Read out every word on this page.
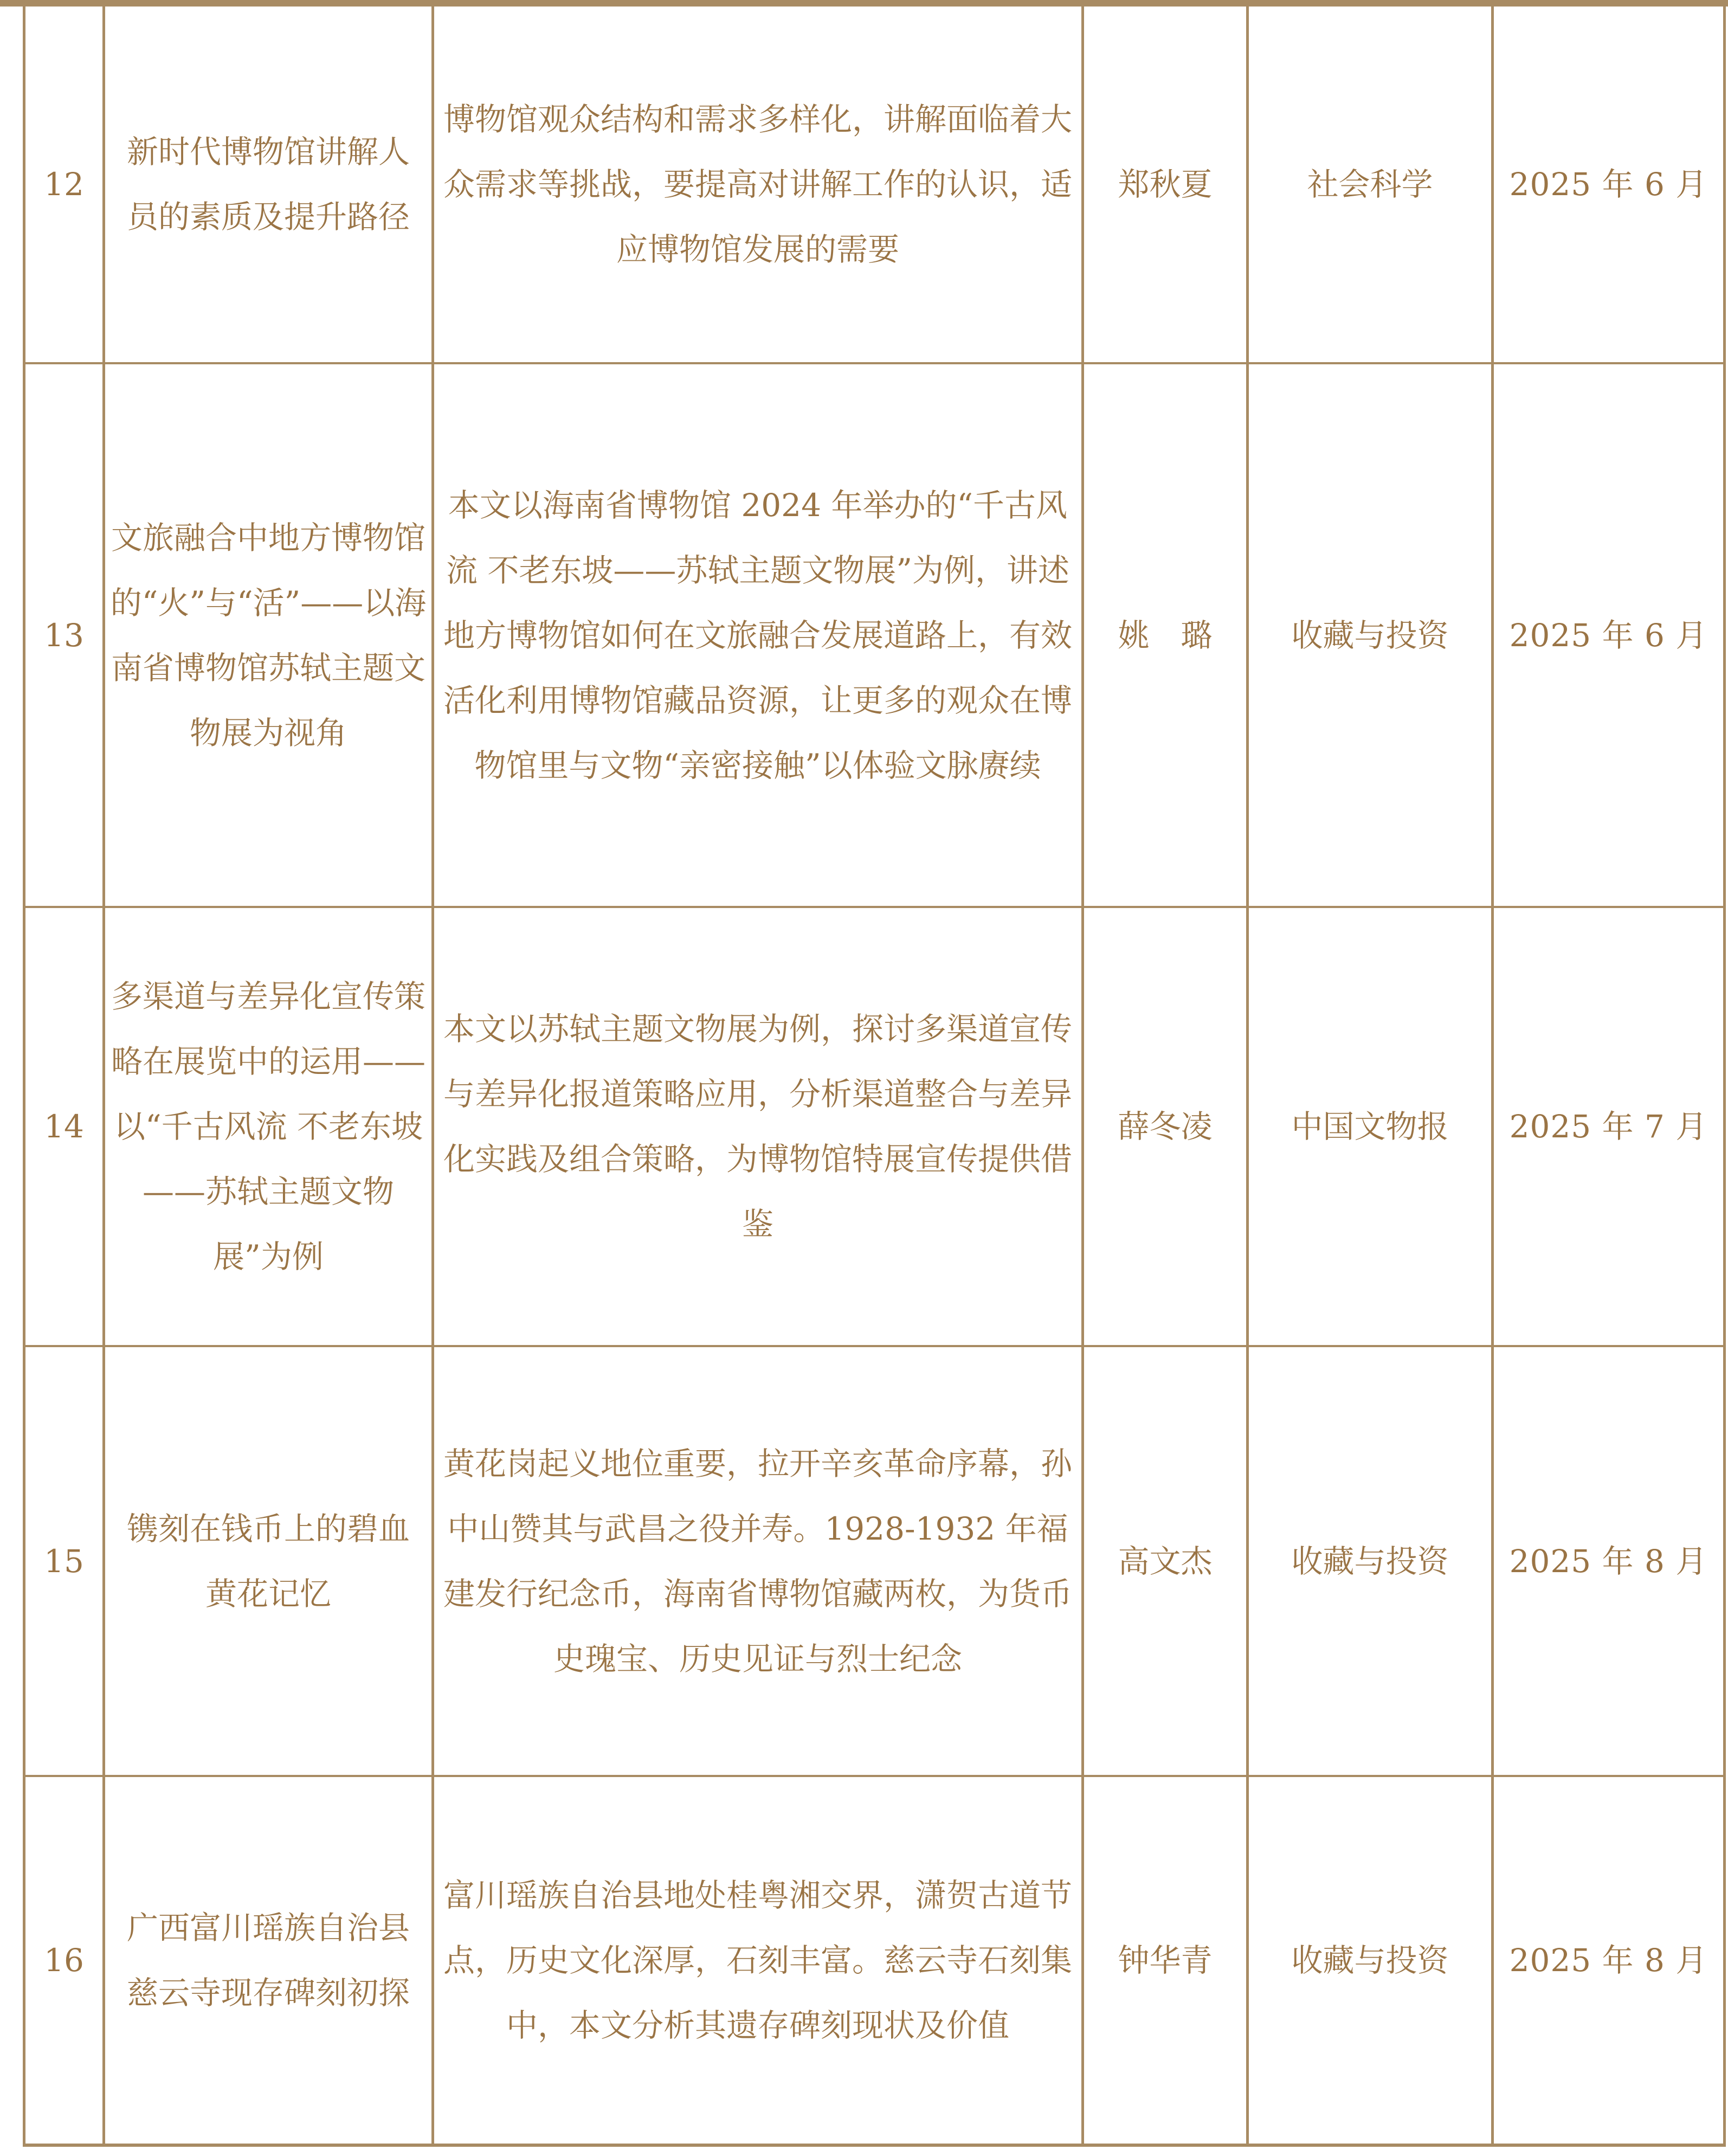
12	新时代博物馆讲解人员的素质及提升路径	博物馆观众结构和需求多样化，讲解面临着大众需求等挑战，要提高对讲解工作的认识，适应博物馆发展的需要	郑秋夏	社会科学	2025 年 6 月
13	文旅融合中地方博物馆的“火”与“活”——以海南省博物馆苏轼主题文物展为视角	本文以海南省博物馆 2024 年举办的“千古风流 不老东坡——苏轼主题文物展”为例，讲述地方博物馆如何在文旅融合发展道路上，有效活化利用博物馆藏品资源，让更多的观众在博物馆里与文物“亲密接触”以体验文脉赓续	姚　璐	收藏与投资	2025 年 6 月
14	多渠道与差异化宣传策略在展览中的运用——以“千古风流 不老东坡——苏轼主题文物展”为例	本文以苏轼主题文物展为例，探讨多渠道宣传与差异化报道策略应用，分析渠道整合与差异化实践及组合策略，为博物馆特展宣传提供借鉴	薛冬凌	中国文物报	2025 年 7 月
15	镌刻在钱币上的碧血黄花记忆	黄花岗起义地位重要，拉开辛亥革命序幕，孙中山赞其与武昌之役并寿。1928-1932 年福建发行纪念币，海南省博物馆藏两枚，为货币史瑰宝、历史见证与烈士纪念	高文杰	收藏与投资	2025 年 8 月
16	广西富川瑶族自治县慈云寺现存碑刻初探	富川瑶族自治县地处桂粤湘交界，潇贺古道节点，历史文化深厚，石刻丰富。慈云寺石刻集中，本文分析其遗存碑刻现状及价值	钟华青	收藏与投资	2025 年 8 月
